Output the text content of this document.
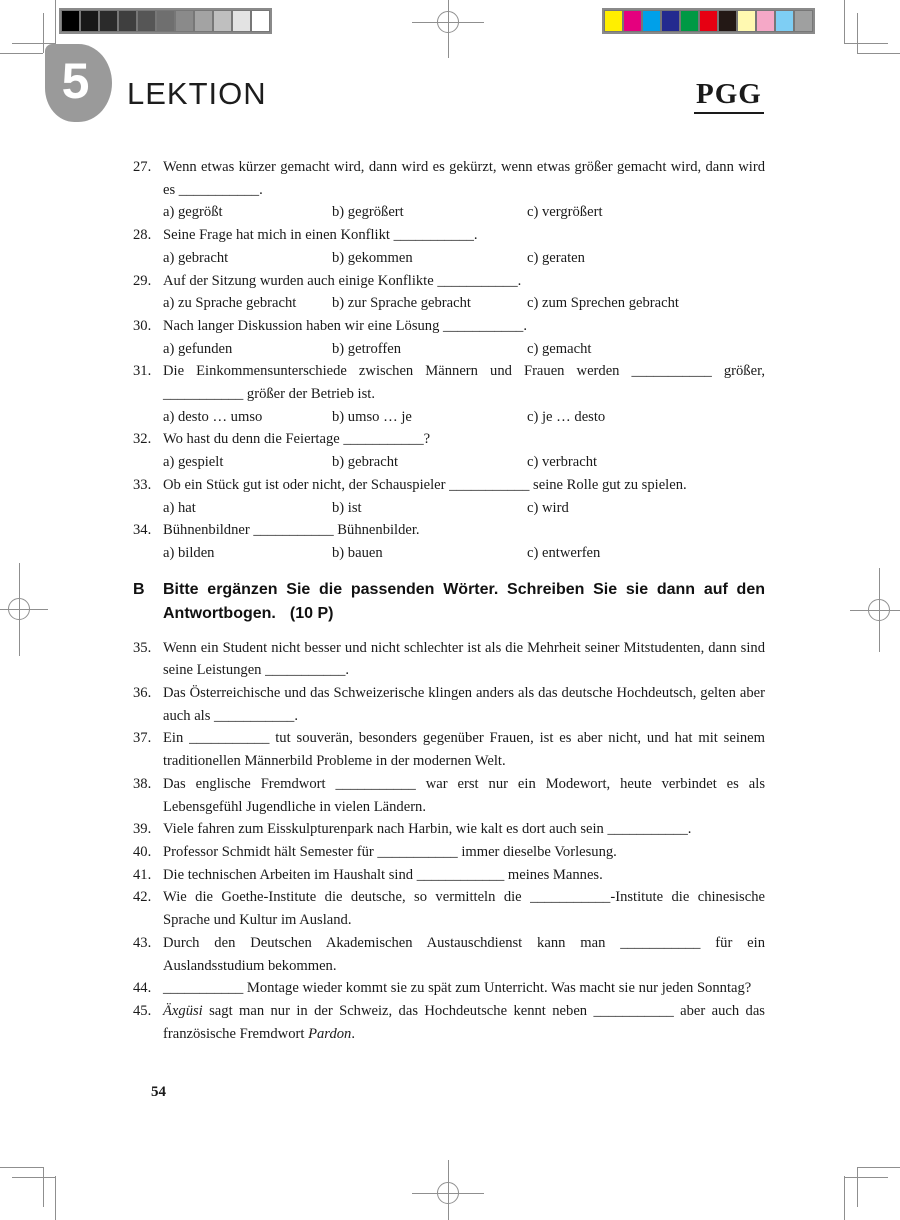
5	LEKTION	PGG

27. Wenn etwas kürzer gemacht wird, dann wird es gekürzt, wenn etwas größer gemacht wird, dann wird es ___________.

a) gegrößt	b) gegrößert	c) vergrößert

28. Seine Frage hat mich in einen Konflikt ___________.

a) gebracht	b) gekommen	c) geraten

29. Auf der Sitzung wurden auch einige Konflikte ___________.

a) zu Sprache gebracht	b) zur Sprache gebracht	c) zum Sprechen gebracht

30. Nach langer Diskussion haben wir eine Lösung ___________.

a) gefunden	b) getroffen	c) gemacht

31. Die Einkommensunterschiede zwischen Männern und Frauen werden ___________ größer, ___________ größer der Betrieb ist.

a) desto … umso	b) umso … je	c) je … desto

32. Wo hast du denn die Feiertage ___________?

a) gespielt	b) gebracht	c) verbracht

33. Ob ein Stück gut ist oder nicht, der Schauspieler ___________ seine Rolle gut zu spielen.

a) hat	b) ist	c) wird

34. Bühnenbildner ___________ Bühnenbilder.

a) bilden	b) bauen	c) entwerfen
B Bitte ergänzen Sie die passenden Wörter. Schreiben Sie sie dann auf den Antwortbogen. (10 P)

35. Wenn ein Student nicht besser und nicht schlechter ist als die Mehrheit seiner Mitstudenten, dann sind seine Leistungen ___________.

36. Das Österreichische und das Schweizerische klingen anders als das deutsche Hochdeutsch, gelten aber auch als ___________.

37. Ein ___________ tut souverän, besonders gegenüber Frauen, ist es aber nicht, und hat mit seinem traditionellen Männerbild Probleme in der modernen Welt.

38. Das englische Fremdwort ___________ war erst nur ein Modewort, heute verbindet es als Lebensgefühl Jugendliche in vielen Ländern.

39. Viele fahren zum Eisskulpturenpark nach Harbin, wie kalt es dort auch sein ___________.

40. Professor Schmidt hält Semester für ___________ immer dieselbe Vorlesung.

41. Die technischen Arbeiten im Haushalt sind ____________ meines Mannes.

42. Wie die Goethe-Institute die deutsche, so vermitteln die ___________-Institute die chinesische Sprache und Kultur im Ausland.

43. Durch den Deutschen Akademischen Austauschdienst kann man ___________ für ein Auslandsstudium bekommen.

44. ___________ Montage wieder kommt sie zu spät zum Unterricht. Was macht sie nur jeden Sonntag?

45. Äxgüsi sagt man nur in der Schweiz, das Hochdeutsche kennt neben ___________ aber auch das französische Fremdwort Pardon.

54
